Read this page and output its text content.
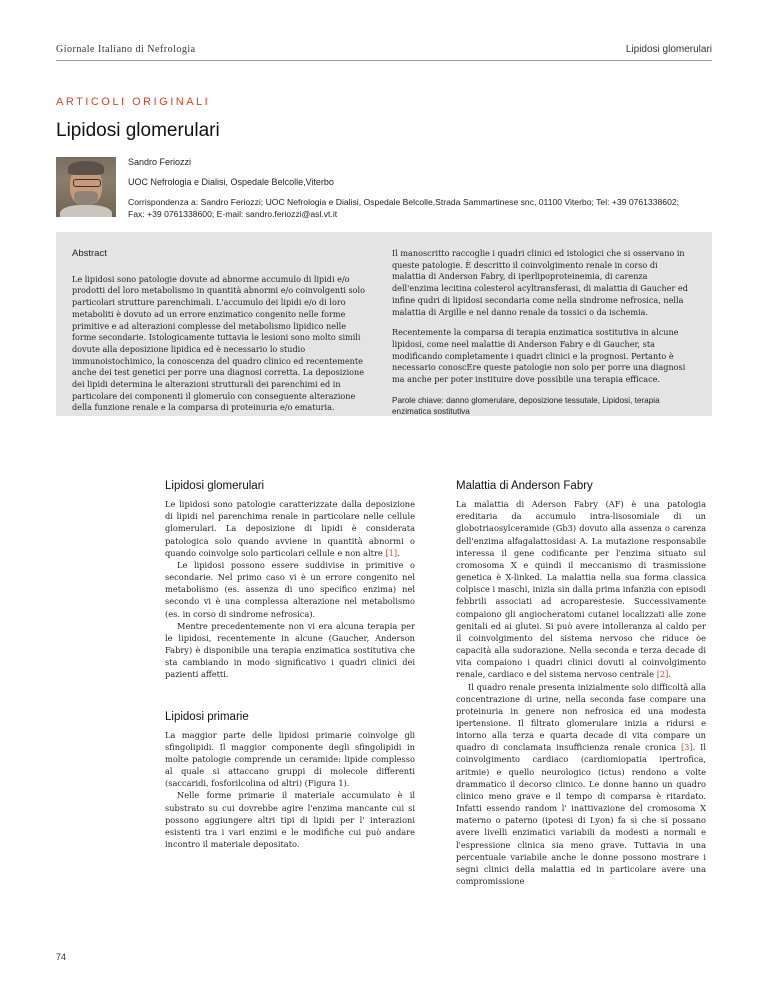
Giornale Italiano di Nefrologia	Lipidosi glomerulari
ARTICOLI ORIGINALI
Lipidosi glomerulari
Sandro Feriozzi
UOC Nefrologia e Dialisi, Ospedale Belcolle,Viterbo
Corrispondenza a: Sandro Feriozzi; UOC Nefrologia e Dialisi, Ospedale Belcolle,Strada Sammartinese snc, 01100 Viterbo; Tel: +39 0761338602;
Fax: +39 0761338600; E-mail: sandro.feriozzi@asl.vt.it
Abstract

Le lipidosi sono patologie dovute ad abnorme accumulo di lipidi e/o prodotti del loro metabolismo in quantità abnormi e/o coinvolgenti solo particolari strutture parenchimali. L'accumulo dei lipidi e/o di loro metaboliti è dovuto ad un errore enzimatico congenito nelle forme primitive e ad alterazioni complesse del metabolismo lipidico nelle forme secondarie. Istologicamente tuttavia le lesioni sono molto simili dovute alla deposizione lipidica ed è necessario lo studio immunoistochimico, la conoscenza del quadro clinico ed recentemente anche dei test genetici per porre una diagnosi corretta. La deposizione dei lipidi determina le alterazioni strutturali dei parenchimi ed in particolare dei componenti il glomerulo con conseguente alterazione della funzione renale e la comparsa di proteinuria e/o ematuria.

Il manoscritto raccoglie i quadri clinici ed istologici che si osservano in queste patologie. È descritto il coinvolgimento renale in corso di malattia di Anderson Fabry, di iperlipoproteinemia, di carenza dell'enzima lecitina colesterol acyltransferasi, di malattia di Gaucher ed infine qudri di lipidosi secondaria come nella sindrome nefrosica, nella malattia di Argille e nel danno renale da tossici o da ischemia.

Recentemente la comparsa di terapia enzimatica sostitutiva in alcune lipidosi, come neel malattie di Anderson Fabry e di Gaucher, sta modificando completamente i quadri clinici e la prognosi. Pertanto è necessario conoscEre queste patologie non solo per porre una diagnosi ma anche per poter instituire dove possibile una terapia efficace.

Parole chiave: danno glomerulare, deposizione tessutale, Lipidosi, terapia enzimatica sostitutiva
Lipidosi glomerulari

Le lipidosi sono patologie caratterizzate dalla deposizione di lipidi nel parenchima renale in particolare nelle cellule glomerulari. La deposizione di lipidi è considerata patologica solo quando avviene in quantità abnormi o quando coinvolge solo particolari cellule e non altre [1].

Le lipidosi possono essere suddivise in primitive o secondarie. Nel primo caso vi è un errore congenito nel metabolismo (es. assenza di uno specifico enzima) nel secondo vi è una complessa alterazione nel metabolismo (es. in corso di sindrome nefrosica).

Mentre precedentemente non vi era alcuna terapia per le lipidosi, recentemente in alcune (Gaucher, Anderson Fabry) è disponibile una terapia enzimatica sostitutiva che sta cambiando in modo significativo i quadri clinici dei pazienti affetti.

Lipidosi primarie

La maggior parte delle lipidosi primarie coinvolge gli sfingolipidi. Il maggior componente degli sfingolipidi in molte patologie comprende un ceramide: lipide complesso al quale si attaccano gruppi di molecole differenti (saccaridi, fosforilcolina od altri) (Figura 1).

Nelle forme primarie il materiale accumulato è il substrato su cui dovrebbe agire l'enzima mancante cui si possono aggiungere altri tipi di lipidi per l' interazioni esistenti tra i vari enzimi e le modifiche cui può andare incontro il materiale depositato.

Malattia di Anderson Fabry

La malattia di Aderson Fabry (AF) è una patologia ereditaria da accumulo intra-lisosomiale di un globotriaosylceramide (Gb3) dovuto alla assenza o carenza dell'enzima alfagalattosidasi A. La mutazione responsabile interessa il gene codificante per l'enzima situato sul cromosoma X e quindi il meccanismo di trasmissione genetica è X-linked. La malattia nella sua forma classica colpisce i maschi, inizia sin dalla prima infanzia con episodi febbrili associati ad acroparestesie. Successivamente compaiono gli angiocheratomi cutanei localizzati alle zone genitali ed ai glutei. Si può avere intolleranza al caldo per il coinvolgimento del sistema nervoso che riduce òe capacità alla sudorazione. Nella seconda e terza decade di vita compaiono i quadri clinici dovuti al coinvolgimento renale, cardiaco e del sistema nervoso centrale [2].

Il quadro renale presenta inizialmente solo difficoltà alla concentrazione di urine, nella seconda fase compare una proteinuria in genere non nefrosica ed una modesta ipertensione. Il filtrato glomerulare inizia a ridursi e intorno alla terza e quarta decade di vita compare un quadro di conclamata insufficienza renale cronica [3]. Il coinvolgimento cardiaco (cardiomiopatia ipertrofica, aritmie) e quello neurologico (ictus) rendono a volte drammatico il decorso clinico. Le donne hanno un quadro clinico meno grave e il tempo di comparsa è ritardato. Infatti essendo random l' inattivazione del cromosoma X materno o paterno (ipotesi di Lyon) fa sì che si possano avere livelli enzimatici variabili da modesti a normali e l'espressione clinica sia meno grave. Tuttavia in una percentuale variabile anche le donne possono mostrare i segni clinici della malattia ed in particolare avere una compromissione

74
